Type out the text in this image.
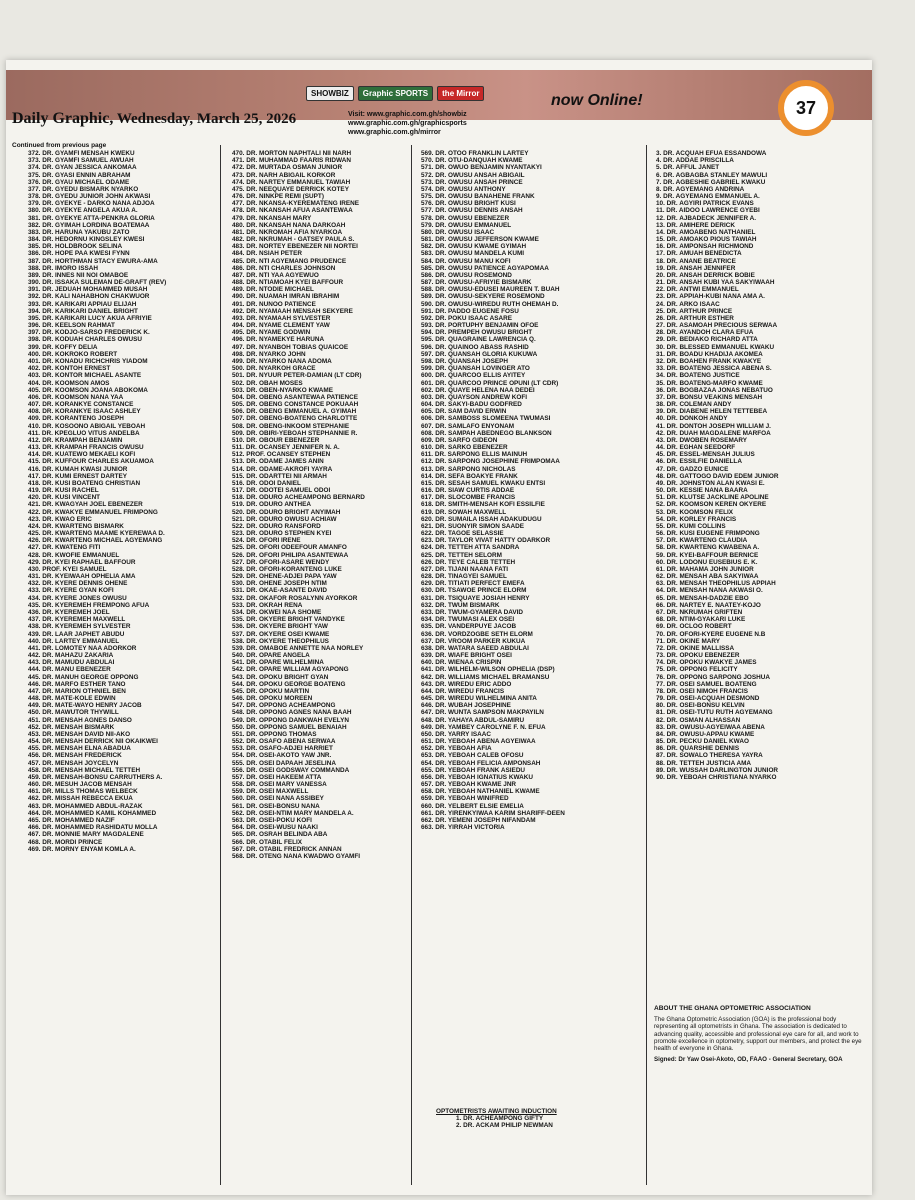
SHOWBIZ	Graphic SPORTS	the Mirror	now Online!
Daily Graphic, Wednesday, March 25, 2026	Visit: www.graphic.com.gh/showbiz
www.graphic.com.gh/graphicsports
www.graphic.com.gh/mirror
37
Continued from previous page
372. DR. GYAMFI MENSAH KWEKU
373. DR. GYAMFI SAMUEL AWUAH
374. DR. GYAN JESSICA ANKOMAA
375. DR. GYASI ENNIN ABRAHAM
376. DR. GYAU MICHAEL ODAME
377. DR. GYEDU BISMARK NYARKO
378. DR. GYEDU JUNIOR JOHN AKWASI
379. DR. GYEKYE - DARKO NANA ADJOA
380. DR. GYEKYE ANGELA AKUA A.
381. DR. GYEKYE ATTA-PENKRA GLORIA
382. DR. GYIMAH LORDINA BOATEMAA
383. DR. HARUNA YAKUBU ZATO
384. DR. HEDORNU KINGSLEY KWESI
385. DR. HOLDBROOK SELINA
386. DR. HOPE PAA KWESI FYNN
387. DR. HORTHMAN STACY EWURA-AMA
388. DR. IMORO ISSAH
389. DR. INNES NII NOI OMABOE
390. DR. ISSAKA SULEMAN DE-GRAFT (REV)
391. DR. JEDUAH MOHAMMED MUSAH
392. DR. KALI NAHABHON CHAKWUOR
393. DR. KARIKARI APPIAU ELIJAH
394. DR. KARIKARI DANIEL BRIGHT
395. DR. KARIKARI LUCY AKUA AFRIYIE
396. DR. KEELSON RAHMAT
397. DR. KODJO-SARSO FREDERICK K.
398. DR. KODUAH CHARLES OWUSU
399. DR. KOFFY DELIA
400. DR. KOKROKO ROBERT
401. DR. KONADU RICHCHRIS YIADOM
402. DR. KONTOH ERNEST
403. DR. KONTOR MICHAEL ASANTE
404. DR. KOOMSON AMOS
405. DR. KOOMSON JOANA ABOKOMA
406. DR. KOOMSON NANA YAA
407. DR. KORANKYE CONSTANCE
408. DR. KORANKYE ISAAC ASHLEY
409. DR. KORANTENG JOSEPH
410. DR. KOSOONO ABIGAIL YEBOAH
411. DR. KPEGLUO VITUS ANDELBA
412. DR. KRAMPAH BENJAMIN
413. DR. KRAMPAH FRANCIS OWUSU
414. DR. KUATEWO MEKAELI KOFI
415. DR. KUFFOUR CHARLES AKUAMOA
416. DR. KUMAH KWASI JUNIOR
417. DR. KUMI ERNEST DARTEY
418. DR. KUSI BOATENG CHRISTIAN
419. DR. KUSI RACHEL
420. DR. KUSI VINCENT
421. DR. KWAGYAH JOEL EBENEZER
422. DR. KWAKYE EMMANUEL FRIMPONG
423. DR. KWAO ERIC
424. DR. KWARTENG BISMARK
425. DR. KWARTENG MAAME KYEREWAA D.
426. DR. KWARTENG MICHAEL AGYEMANG
427. DR. KWATENG FITI
428. DR. KWOFIE EMMANUEL
429. DR. KYEI RAPHAEL BAFFOUR
430. PROF. KYEI SAMUEL
431. DR. KYEIWAAH OPHELIA AMA
432. DR. KYERE DENNIS OHENE
433. DR. KYERE GYAN KOFI
434. DR. KYERE JONES OWUSU
435. DR. KYEREMEH FREMPONG AFUA
436. DR. KYEREMEH JOEL
437. DR. KYEREMEH MAXWELL
438. DR. KYEREMEH SYLVESTER
439. DR. LAAR JAPHET ABUDU
440. DR. LARTEY EMMANUEL
441. DR. LOMOTEY NAA ADORKOR
442. DR. MAHAZU ZAKARIA
443. DR. MAMUDU ABDULAI
444. DR. MANU EBENEZER
445. DR. MANUH GEORGE OPPONG
446. DR. MARFO ESTHER TANO
447. DR. MARION OTHNIEL BEN
448. DR. MATE-KOLE EDWIN
449. DR. MATE-WAYO HENRY JACOB
450. DR. MAWUTOR THYWILL
451. DR. MENSAH AGNES DANSO
452. DR. MENSAH BISMARK
453. DR. MENSAH DAVID NII-AKO
454. DR. MENSAH DERRICK NII OKAIKWEI
455. DR. MENSAH ELNA ABADUA
456. DR. MENSAH FREDERICK
457. DR. MENSAH JOYCELYN
458. DR. MENSAH MICHAEL TETTEH
459. DR. MENSAH-BONSU CARRUTHERS A.
460. DR. MESUH JACOB MENSAH
461. DR. MILLS THOMAS WELBECK
462. DR. MISSAH REBECCA EKUA
463. DR. MOHAMMED ABDUL-RAZAK
464. DR. MOHAMMED KAMIL KOHAMMED
465. DR. MOHAMMED NAZIF
466. DR. MOHAMMED RASHIDATU MOLLA
467. DR. MONNIE MARY MAGDALENE
468. DR. MORDI PRINCE
469. DR. MORNY ENYAM KOMLA A.
470. DR. MORTON NAPHTALI NII NARH
471. DR. MUHAMMAD FAARIS RIDWAN
472. DR. MURTADA OSMAN JUNIOR
473. DR. NARH ABIGAIL KORKOR
474. DR. NARTEY EMMANUEL TAWIAH
475. DR. NEEQUAYE DERRICK KOTEY
476. DR. NINKPE REMI (SUPT)
477. DR. NKANSA-KYEREMATENG IRENE
478. DR. NKANSAH AFUA ASANTEWAA
479. DR. NKANSAH MARY
480. DR. NKANSAH NANA DARKOAH
481. DR. NKROMAH AFIA NYARKOA
482. DR. NKRUMAH - GATSEY PAULA S.
483. DR. NORTEY EBENEZER NII NORTEI
484. DR. NSIAH PETER
485. DR. NTI AGYEMANG PRUDENCE
486. DR. NTI CHARLES JOHNSON
487. DR. NTI YAA AGYEWUO
488. DR. NTIAMOAH KYEI BAFFOUR
489. DR. NTODIE MICHAEL
490. DR. NUAMAH IMRAN IBRAHIM
491. DR. NUNOO PATIENCE
492. DR. NYAMAAH MENSAH SEKYERE
493. DR. NYAMAAH SYLVESTER
494. DR. NYAME CLEMENT YAW
495. DR. NYAME GODWIN
496. DR. NYAMEKYE HARUNA
497. DR. NYANBOH TOBIAS QUAICOE
498. DR. NYARKO JOHN
499. DR. NYARKO NANA ADOMA
500. DR. NYARKOH GRACE
501. DR. NYUUR PETER-DAMIAN (LT CDR)
502. DR. OBAH MOSES
503. DR. OBEN-NYARKO KWAME
504. DR. OBENG ASANTEWAA PATIENCE
505. DR. OBENG CONSTANCE POKUAAH
506. DR. OBENG EMMANUEL A. GYIMAH
507. DR. OBENG-BOATENG CHARLOTTE
508. DR. OBENG-INKOOM STEPHANIE
509. DR. OBIRI-YEBOAH STEPHANNIE R.
510. DR. OBOUR EBENEZER
511. DR. OCANSEY JENNIFER N. A.
512. PROF. OCANSEY STEPHEN
513. DR. ODAME JAMES ANIN
514. DR. ODAME-AKROFI YAYRA
515. DR. ODARTTEI NII ARMAH
516. DR. ODOI DANIEL
517. DR. ODOTEI SAMUEL ODOI
518. DR. ODURO ACHEAMPONG BERNARD
519. DR. ODURO ANTHEA
520. DR. ODURO BRIGHT ANYIMAH
521. DR. ODURO OWUSU ACHIAW
522. DR. ODURO RANSFORD
523. DR. ODURO STEPHEN KYEI
524. DR. OFORI IRENE
525. DR. OFORI ODEEFOUR AMANFO
526. DR. OFORI PHILIPA ASANTEWAA
527. DR. OFORI-ASARE WENDY
528. DR. OFORI-KORANTENG LUKE
529. DR. OHENE-ADJEI PAPA YAW
530. DR. OHENE JOSEPH NTIM
531. DR. OKAE-ASANTE DAVID
532. DR. OKAFOR ROSALYNN AYORKOR
533. DR. OKRAH RENA
534. DR. OKWEI NAA SHOME
535. DR. OKYERE BRIGHT VANDYKE
536. DR. OKYERE BRIGHT YAW
537. DR. OKYERE OSEI KWAME
538. DR. OKYERE THEOPHILUS
539. DR. OMABOE ANNETTE NAA NORLEY
540. DR. OPARE ANGELA
541. DR. OPARE WILHELMINA
542. DR. OPARE WILLIAM AGYAPONG
543. DR. OPOKU BRIGHT GYAN
544. DR. OPOKU GEORGE BOATENG
545. DR. OPOKU MARTIN
546. DR. OPOKU MOREEN
547. DR. OPPONG ACHEAMPONG
548. DR. OPPONG AGNES NANA BAAH
549. DR. OPPONG DANKWAH EVELYN
550. DR. OPPONG SAMUEL BENAIAH
551. DR. OPPONG THOMAS
552. DR. OSAFO ABENA SERWAA
553. DR. OSAFO-ADJEI HARRIET
554. DR. OSEI-AKOTO YAW JNR.
555. DR. OSEI DAPAAH JESELINA
556. DR. OSEI GODSWAY COMMANDA
557. DR. OSEI HAKEEM ATTA
558. DR. OSEI MARY VANESSA
559. DR. OSEI MAXWELL
560. DR. OSEI NANA ASSIBEY
561. DR. OSEI-BONSU NANA
562. DR. OSEI-NTIM MARY MANDELA A.
563. DR. OSEI-POKU KOFI
564. DR. OSEI-WUSU NAAKI
565. DR. OSRAH BELINDA ABA
566. DR. OTABIL FELIX
567. DR. OTABIL FREDRICK ANNAN
568. DR. OTENG NANA KWADWO GYAMFI
569. DR. OTOO FRANKLIN LARTEY
570. DR. OTU-DANQUAH KWAME
571. DR. OWUO BENJAMIN NYANTAKYI
572. DR. OWUSU ANSAH ABIGAIL
573. DR. OWUSU ANSAH PRINCE
574. DR. OWUSU ANTHONY
575. DR. OWUSU BANAHENE FRANK
576. DR. OWUSU BRIGHT KUSI
577. DR. OWUSU DENNIS ANSAH
578. DR. OWUSU EBENEZER
579. DR. OWUSU EMMANUEL
580. DR. OWUSU ISAAC
581. DR. OWUSU JEFFERSON KWAME
582. DR. OWUSU KWAME GYIMAH
583. DR. OWUSU MANDELA KUMI
584. DR. OWUSU MANU KOFI
585. DR. OWUSU PATIENCE AGYAPOMAA
586. DR. OWUSU ROSEMOND
587. DR. OWUSU-AFRIYIE BISMARK
588. DR. OWUSU-EDUSEI MAUREEN T. BUAH
589. DR. OWUSU-SEKYERE ROSEMOND
590. DR. OWUSU-WIREDU RUTH OHEMAH D.
591. DR. PADDO EUGENE FOSU
592. DR. POKU ISAAC ASARE
593. DR. PORTUPHY BENJAMIN OFOE
594. DR. PREMPEH OWUSU BRIGHT
595. DR. QUAGRAINE LAWRENCIA Q.
596. DR. QUAINOO ABASS RASHID
597. DR. QUANSAH GLORIA KUKUWA
598. DR. QUANSAH JOSEPH
599. DR. QUANSAH LOVINGER ATO
600. DR. QUARCOO ELLIS AYITEY
601. DR. QUARCOO PRINCE OPUNI (LT CDR)
602. DR. QUAYE HELENA NAA DEDEI
603. DR. QUAYSON ANDREW KOFI
604. DR. SAKYI-BADU GODFRED
605. DR. SAM DAVID ERWIN
606. DR. SAMBOSS SLOMEENA TWUMASI
607. DR. SAMLAFO ENYONAM
608. DR. SAMPAH ABEDNEGO BLANKSON
609. DR. SARFO GIDEON
610. DR. SARKO EBENEZER
611. DR. SARPONG ELLIS MAINUH
612. DR. SARPONG JOSEPHINE FRIMPOMAA
613. DR. SARPONG NICHOLAS
614. DR. SEFA BOAKYE FRANK
615. DR. SESAH SAMUEL KWAKU ENTSI
616. DR. SIAW CURTIS ADDAE
617. DR. SLOCOMBE FRANCIS
618. DR. SMITH-MENSAH KOFI ESSILFIE
619. DR. SOWAH MAXWELL
620. DR. SUMAILA ISSAH ADAKUDUGU
621. DR. SUONYIR SIMON SAADE
622. DR. TAGOE SELASSIE
623. DR. TAYLOR VIVAT HATTY ODARKOR
624. DR. TETTEH ATTA SANDRA
625. DR. TETTEH SELORM
626. DR. TEYE CALEB TETTEH
627. DR. TIJANI NAANA FATI
628. DR. TINAGYEI SAMUEL
629. DR. TITIATI PERFECT EMEFA
630. DR. TSAWOE PRINCE ELORM
631. DR. TSIQUAYE JOSIAH HENRY
632. DR. TWUM BISMARK
633. DR. TWUM-GYAMERA DAVID
634. DR. TWUMASI ALEX OSEI
635. DR. VANDERPUYE JACOB
636. DR. VORDZOGBE SETH ELORM
637. DR. VROOM PARKER KUKUA
638. DR. WATARA SAEED ABDULAI
639. DR. WIAFE BRIGHT OSEI
640. DR. WIENAA CRISPIN
641. DR. WILHELM-WILSON OPHELIA (DSP)
642. DR. WILLIAMS MICHAEL BRAMANSU
643. DR. WIREDU ERIC ADDO
644. DR. WIREDU FRANCIS
645. DR. WIREDU WILHELMINA ANITA
646. DR. WUBAH JOSEPHINE
647. DR. WUNTA SAMPSON MAKPAYILN
648. DR. YAHAYA ABDUL-SAMIRU
649. DR. YAMBEY CAROLYNE F. N. EFUA
650. DR. YARRY ISAAC
651. DR. YEBOAH ABENA AGYEIWAA
652. DR. YEBOAH AFIA
653. DR. YEBOAH CALEB OFOSU
654. DR. YEBOAH FELICIA AMPONSAH
655. DR. YEBOAH FRANK ASIEDU
656. DR. YEBOAH IGNATIUS KWAKU
657. DR. YEBOAH KWAME JNR
658. DR. YEBOAH NATHANIEL KWAME
659. DR. YEBOAH WINIFRED
660. DR. YELBERT ELSIE EMELIA
661. DR. YIRENKYIWAA KARIM SHARIFF-DEEN
662. DR. YEMENI JOSEPH NIFANDAM
663. DR. YIRRAH VICTORIA
3. DR. ACQUAH EFUA ESSANDOWA
4. DR. ADDAE PRISCILLA
5. DR. AFFUL JANET
6. DR. AGBAGBA STANLEY MAWULI
7. DR. AGBESHIE GABRIEL KWAKU
8. DR. AGYEMANG ANDRINA
9. DR. AGYEMANG EMMANUEL A.
10. DR. AGYIRI PATRICK EVANS
11. DR. AIDOO LAWRENCE GYEBI
12. DR. AJBADECK JENNIFER A.
13. DR. AMIHERE DERICK
14. DR. AMOABENG NATHANIEL
15. DR. AMOAKO PIOUS TAWIAH
16. DR. AMPONSAH RICHMOND
17. DR. AMUAH BENEDICTA
18. DR. ANANE BEATRICE
19. DR. ANSAH JENNIFER
20. DR. ANSAH DERRICK BOBIE
21. DR. ANSAH KUBI YAA SAKYIWAAH
22. DR. ANTWI EMMANUEL
23. DR. APPIAH-KUBI NANA AMA A.
24. DR. ARKO ISAAC
25. DR. ARTHUR PRINCE
26. DR. ARTHUR ESTHER
27. DR. ASAMOAH PRECIOUS SERWAA
28. DR. AYANDOH CLARA EFUA
29. DR. BEDIAKO RICHARD ATTA
30. DR. BLESSED EMMANUEL KWAKU
31. DR. BOADU KHADIJA AKOMEA
32. DR. BOAHEN FRANK KWAKYE
33. DR. BOATENG JESSICA ABENA S.
34. DR. BOATENG JUSTICE
35. DR. BOATENG-MARFO KWAME
36. DR. BOGBAZAA JONAS NEBATUO
37. DR. BONSU VEAKINS MENSAH
38. DR. COLEMAN ANDY
39. DR. DIABENE HELEN TETTEBEA
40. DR. DONKOH ANDY
41. DR. DONTOH JOSEPH WILLIAM J.
42. DR. DUAH MAGDALENE MARFOA
43. DR. DWOBEN ROSEMARY
44. DR. EGHAN SEEDORF
45. DR. ESSEL-MENSAH JULIUS
46. DR. ESSILFIE DANIELLA
47. DR. GADZO EUNICE
48. DR. GATTOGO DAVID EDEM JUNIOR
49. DR. JOHNSTON ALAN KWASI E.
50. DR. KESSIE NANA BAARA
51. DR. KLUTSE JACKLINE APOLINE
52. DR. KOOMSON KEREN OKYERE
53. DR. KOOMSON FELIX
54. DR. KORLEY FRANCIS
55. DR. KUMI COLLINS
56. DR. KUSI EUGENE FRIMPONG
57. DR. KWARTENG CLAUDIA
58. DR. KWARTENG KWABENA A.
59. DR. KYEI-BAFFOUR BERNICE
60. DR. LODONU EUSEBIUS E. K.
61. DR. MAHAMA JOHN JUNIOR
62. DR. MENSAH ABA SAKYIWAA
63. DR. MENSAH THEOPHILUS APPIAH
64. DR. MENSAH NANA AKWASI O.
65. DR. MENSAH-DADZIE EBO
66. DR. NARTEY E. NAATEY-KOJO
67. DR. NKRUMAH GRIFTEN
68. DR. NTIM-GYAKARI LUKE
69. DR. OCLOO ROBERT
70. DR. OFORI-KYERE EUGENE N.B
71. DR. OKINE MARY
72. DR. OKINE MALLISSA
73. DR. OPOKU EBENEZER
74. DR. OPOKU KWAKYE JAMES
75. DR. OPPONG FELICITY
76. DR. OPPONG SARPONG JOSHUA
77. DR. OSEI SAMUEL BOATENG
78. DR. OSEI NIMOH FRANCIS
79. DR. OSEI-ACQUAH DESMOND
80. DR. OSEI-BONSU KELVIN
81. DR. OSEI-TUTU RUTH AGYEMANG
82. DR. OSMAN ALHASSAN
83. DR. OWUSU-AGYEIWAA ABENA
84. DR. OWUSU-APPAU KWAME
85. DR. PECKU DANIEL KWAO
86. DR. QUARSHIE DENNIS
87. DR. SOWALO THERESA YAYRA
88. DR. TETTEH JUSTICIA AMA
89. DR. WUSSAH DARLINGTON JUNIOR
90. DR. YEBOAH CHRISTIANA NYARKO
OPTOMETRISTS AWAITING INDUCTION
1. DR. ACHEAMPONG GIFTY
2. DR. ACKAM PHILIP NEWMAN
ABOUT THE GHANA OPTOMETRIC ASSOCIATION

The Ghana Optometric Association (GOA) is the professional body representing all optometrists in Ghana. The association is dedicated to advancing quality, accessible and professional eye care for all, and work to promote excellence in optometry, support our members, and protect the eye health of everyone in Ghana.

Signed: Dr Yaw Osei-Akoto, OD, FAAO - General Secretary, GOA
